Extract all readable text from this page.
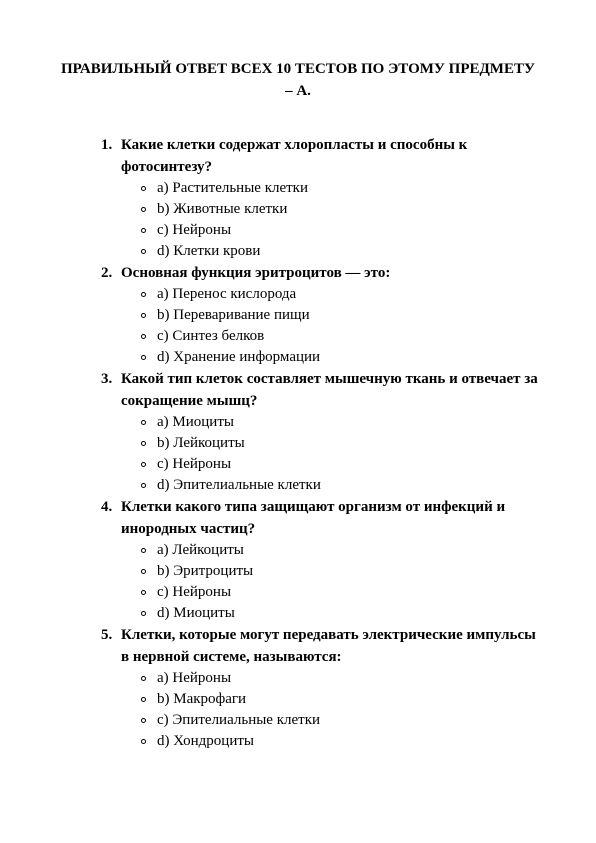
ПРАВИЛЬНЫЙ ОТВЕТ ВСЕХ 10 ТЕСТОВ ПО ЭТОМУ ПРЕДМЕТУ – А.
1. Какие клетки содержат хлоропласты и способны к фотосинтезу?
a) Растительные клетки
b) Животные клетки
c) Нейроны
d) Клетки крови
2. Основная функция эритроцитов — это:
a) Перенос кислорода
b) Переваривание пищи
c) Синтез белков
d) Хранение информации
3. Какой тип клеток составляет мышечную ткань и отвечает за сокращение мышц?
a) Миоциты
b) Лейкоциты
c) Нейроны
d) Эпителиальные клетки
4. Клетки какого типа защищают организм от инфекций и инородных частиц?
a) Лейкоциты
b) Эритроциты
c) Нейроны
d) Миоциты
5. Клетки, которые могут передавать электрические импульсы в нервной системе, называются:
a) Нейроны
b) Макрофаги
c) Эпителиальные клетки
d) Хондроциты
